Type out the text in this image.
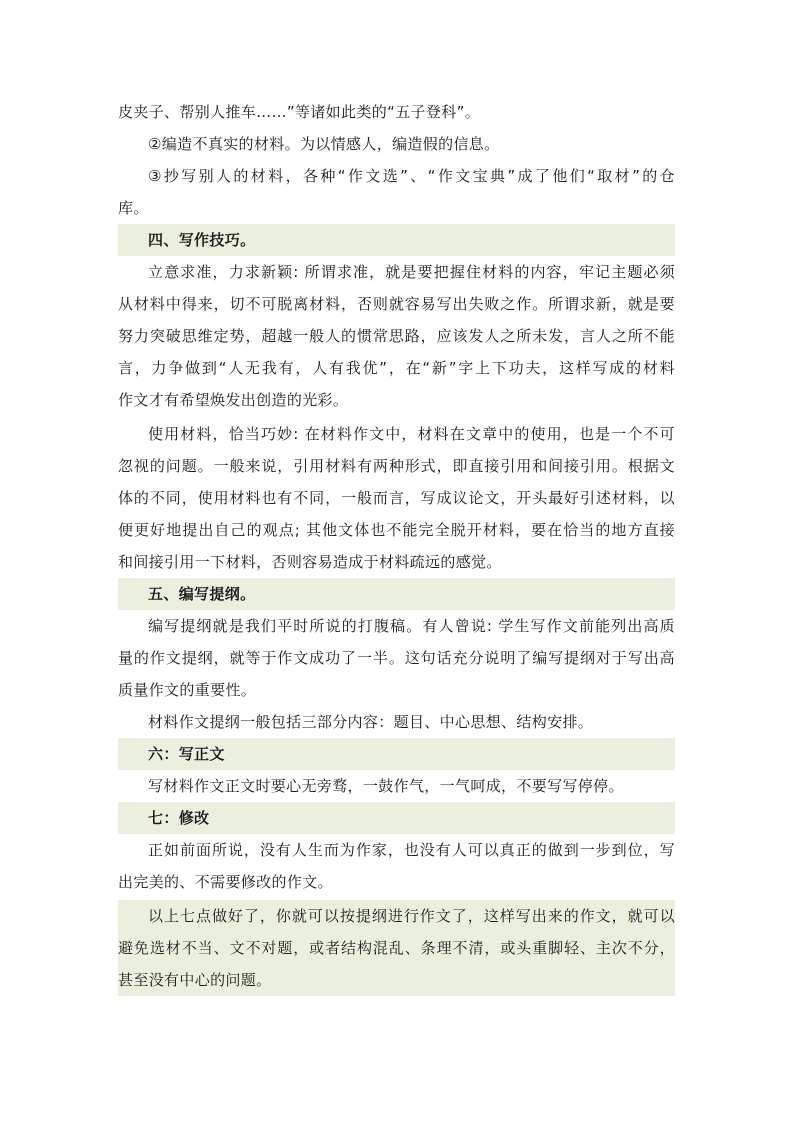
皮夹子、帮别人推车……”等诸如此类的“五子登科”。
②编造不真实的材料。为以情感人，编造假的信息。
③抄写别人的材料，各种“作文选”、“作文宝典”成了他们“取材”的仓
库。
四、写作技巧。
立意求准，力求新颖: 所谓求准，就是要把握住材料的内容，牢记主题必须
从材料中得来，切不可脱离材料，否则就容易写出失败之作。所谓求新，就是要
努力突破思维定势，超越一般人的惯常思路，应该发人之所未发，言人之所不能
言，力争做到“人无我有，人有我优”，在“新”字上下功夫，这样写成的材料
作文才有希望焕发出创造的光彩。
使用材料，恰当巧妙: 在材料作文中，材料在文章中的使用，也是一个不可
忽视的问题。一般来说，引用材料有两种形式，即直接引用和间接引用。根据文
体的不同，使用材料也有不同，一般而言，写成议论文，开头最好引述材料，以
便更好地提出自己的观点; 其他文体也不能完全脱开材料，要在恰当的地方直接
和间接引用一下材料，否则容易造成于材料疏远的感觉。
五、编写提纲。
编写提纲就是我们平时所说的打腹稿。有人曾说: 学生写作文前能列出高质
量的作文提纲，就等于作文成功了一半。这句话充分说明了编写提纲对于写出高
质量作文的重要性。
材料作文提纲一般包括三部分内容：题目、中心思想、结构安排。
六：写正文
写材料作文正文时要心无旁骛，一鼓作气，一气呵成，不要写写停停。
七：修改
正如前面所说，没有人生而为作家，也没有人可以真正的做到一步到位，写
出完美的、不需要修改的作文。
以上七点做好了，你就可以按提纲进行作文了，这样写出来的作文，就可以
避免选材不当、文不对题，或者结构混乱、条理不清，或头重脚轻、主次不分，
甚至没有中心的问题。
